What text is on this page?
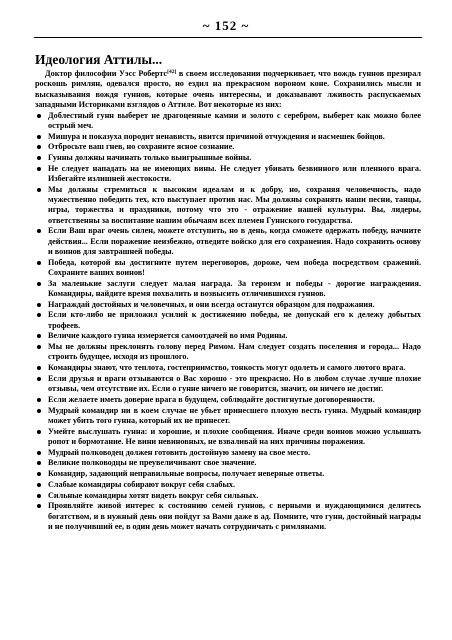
~ 152 ~
Идеология Аттилы...

Доктор философии Уэсс Робертс[42] в своем исследовании подчеркивает, что вождь гуннов презирал роскошь римлян, одевался просто, но ездил на прекрасном вороном коне. Сохранились мысли и высказывания вождя гуннов, которые очень интересны, и доказывают лживость распускаемых западными Историками взглядов о Аттиле. Вот некоторые из них:

Доблестный гунн выберет не драгоценные камни и золото с серебром, выберет как можно более острый меч.
Мишура и показуха породит ненависть, явится причиной отчуждения и насмешек бойцов.
Отбросьте ваш гнев, но сохраните ясное сознание.
Гунны должны начинать только выигрышные войны.
Не следует нападать на не имеющих вины. Не следует убивать безвинного или пленного врага. Избегайте излишней жестокости.
Мы должны стремиться к высоким идеалам и к добру, но, сохраняя человечность, надо мужественно победить тех, кто выступает против нас. Мы должны сохранять наши песни, танцы, игры, торжества и праздники, потому что это - отражение нашей культуры. Вы, лидеры, ответственны за воспитание нашим обычаям всех племен Гуннского государства.
Если Ваш враг очень силен, можете отступить, но в день, когда сможете одержать победу, начните действия... Если поражение неизбежно, отведите войско для его сохранения. Надо сохранить основу и воинов для завтрашней победы.
Победа, которой вы достигните путем переговоров, дороже, чем победа посредством сражений. Сохраните ваших воинов!
За маленькие заслуги следует малая награда. За героизм и победы - дорогие награждения. Командиры, найдите время похвалить и возвысить отличившихся гуннов.
Награждай достойных и человечных, и они всегда останутся образцом для подражания.
Если кто-либо не приложил усилий к достижению победы, не допускай его к дележу добытых трофеев.
Величие каждого гунна измеряется самоотдачей во имя Родины.
Мы не должны преклонять голову перед Римом. Нам следует создать поселения и города... Надо строить будущее, исходя из прошлого.
Командиры знают, что теплота, гостеприимство, тонкость могут одолеть и самого лютого врага.
Если друзья и враги отзываются о Вас хорошо - это прекрасно. Но в любом случае лучше плохие отзывы, чем отсутствие их. Если о гунне ничего не говорится, значит, он ничего не достиг.
Если желаете иметь доверие врага в будущем, соблюдайте достигнутые договоренности.
Мудрый командир ни в коем случае не убьет принесшего плохую весть гунна. Мудрый командир может убить того гунна, который их не принесет.
Умейте выслушать гунна: и хорошие, и плохие сообщения. Иначе среди воинов можно услышать ропот и бормотание. Не вини невиновных, не взваливай на них причины поражения.
Мудрый полководец должен готовить достойную замену на свое место.
Великие полководцы не преувеличивают свое значение.
Командир, задающий неправильные вопросы, получает неверные ответы.
Слабые командиры собирают вокруг себя слабых.
Сильные командиры хотят видеть вокруг себя сильных.
Проявляйте живой интерес к состоянию семей гуннов, с верными и нуждающимися делитесь богатством, и в нужный день они пойдут за Вами даже в ад. Помните, что гунн, достойный награды и не получивший ее, в один день может начать сотрудничать с римлянами.
